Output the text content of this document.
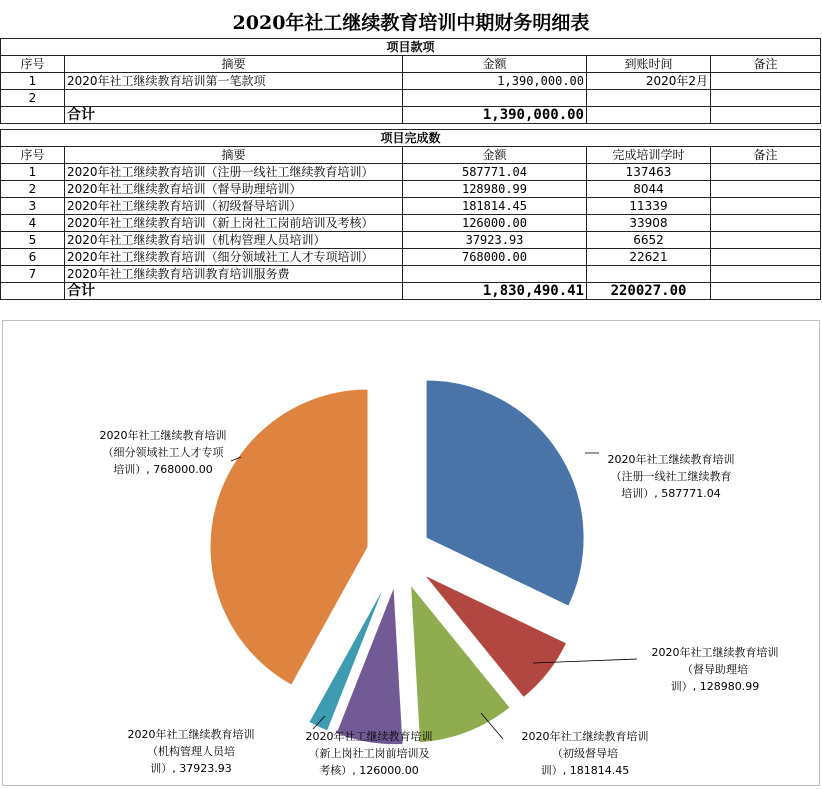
2020年社工继续教育培训中期财务明细表
项目款项				
序号	摘要	金额	到账时间	备注
1	2020年社工继续教育培训第一笔款项	1,390,000.00	2020年2月	
2				
	合计	1,390,000.00		
项目完成数				
序号	摘要	金额	完成培训学时	备注
1	2020年社工继续教育培训（注册一线社工继续教育培训）	587771.04	137463	
2	2020年社工继续教育培训（督导助理培训）	128980.99	8044	
3	2020年社工继续教育培训（初级督导培训）	181814.45	11339	
4	2020年社工继续教育培训（新上岗社工岗前培训及考核）	126000.00	33908	
5	2020年社工继续教育培训（机构管理人员培训）	37923.93	6652	
6	2020年社工继续教育培训（细分领域社工人才专项培训）	768000.00	22621	
7	2020年社工继续教育培训教育培训服务费			
	合计	1,830,490.41	220027.00	
2020年社工继续教育培训（注册一线社工继续教育培训）, 587771.04
2020年社工继续教育培训（督导助理培训）, 128980.99
2020年社工继续教育培训（初级督导培训）, 181814.45
2020年社工继续教育培训（新上岗社工岗前培训及考核）, 126000.00
2020年社工继续教育培训（机构管理人员培训）, 37923.93
2020年社工继续教育培训（细分领域社工人才专项培训）, 768000.00
